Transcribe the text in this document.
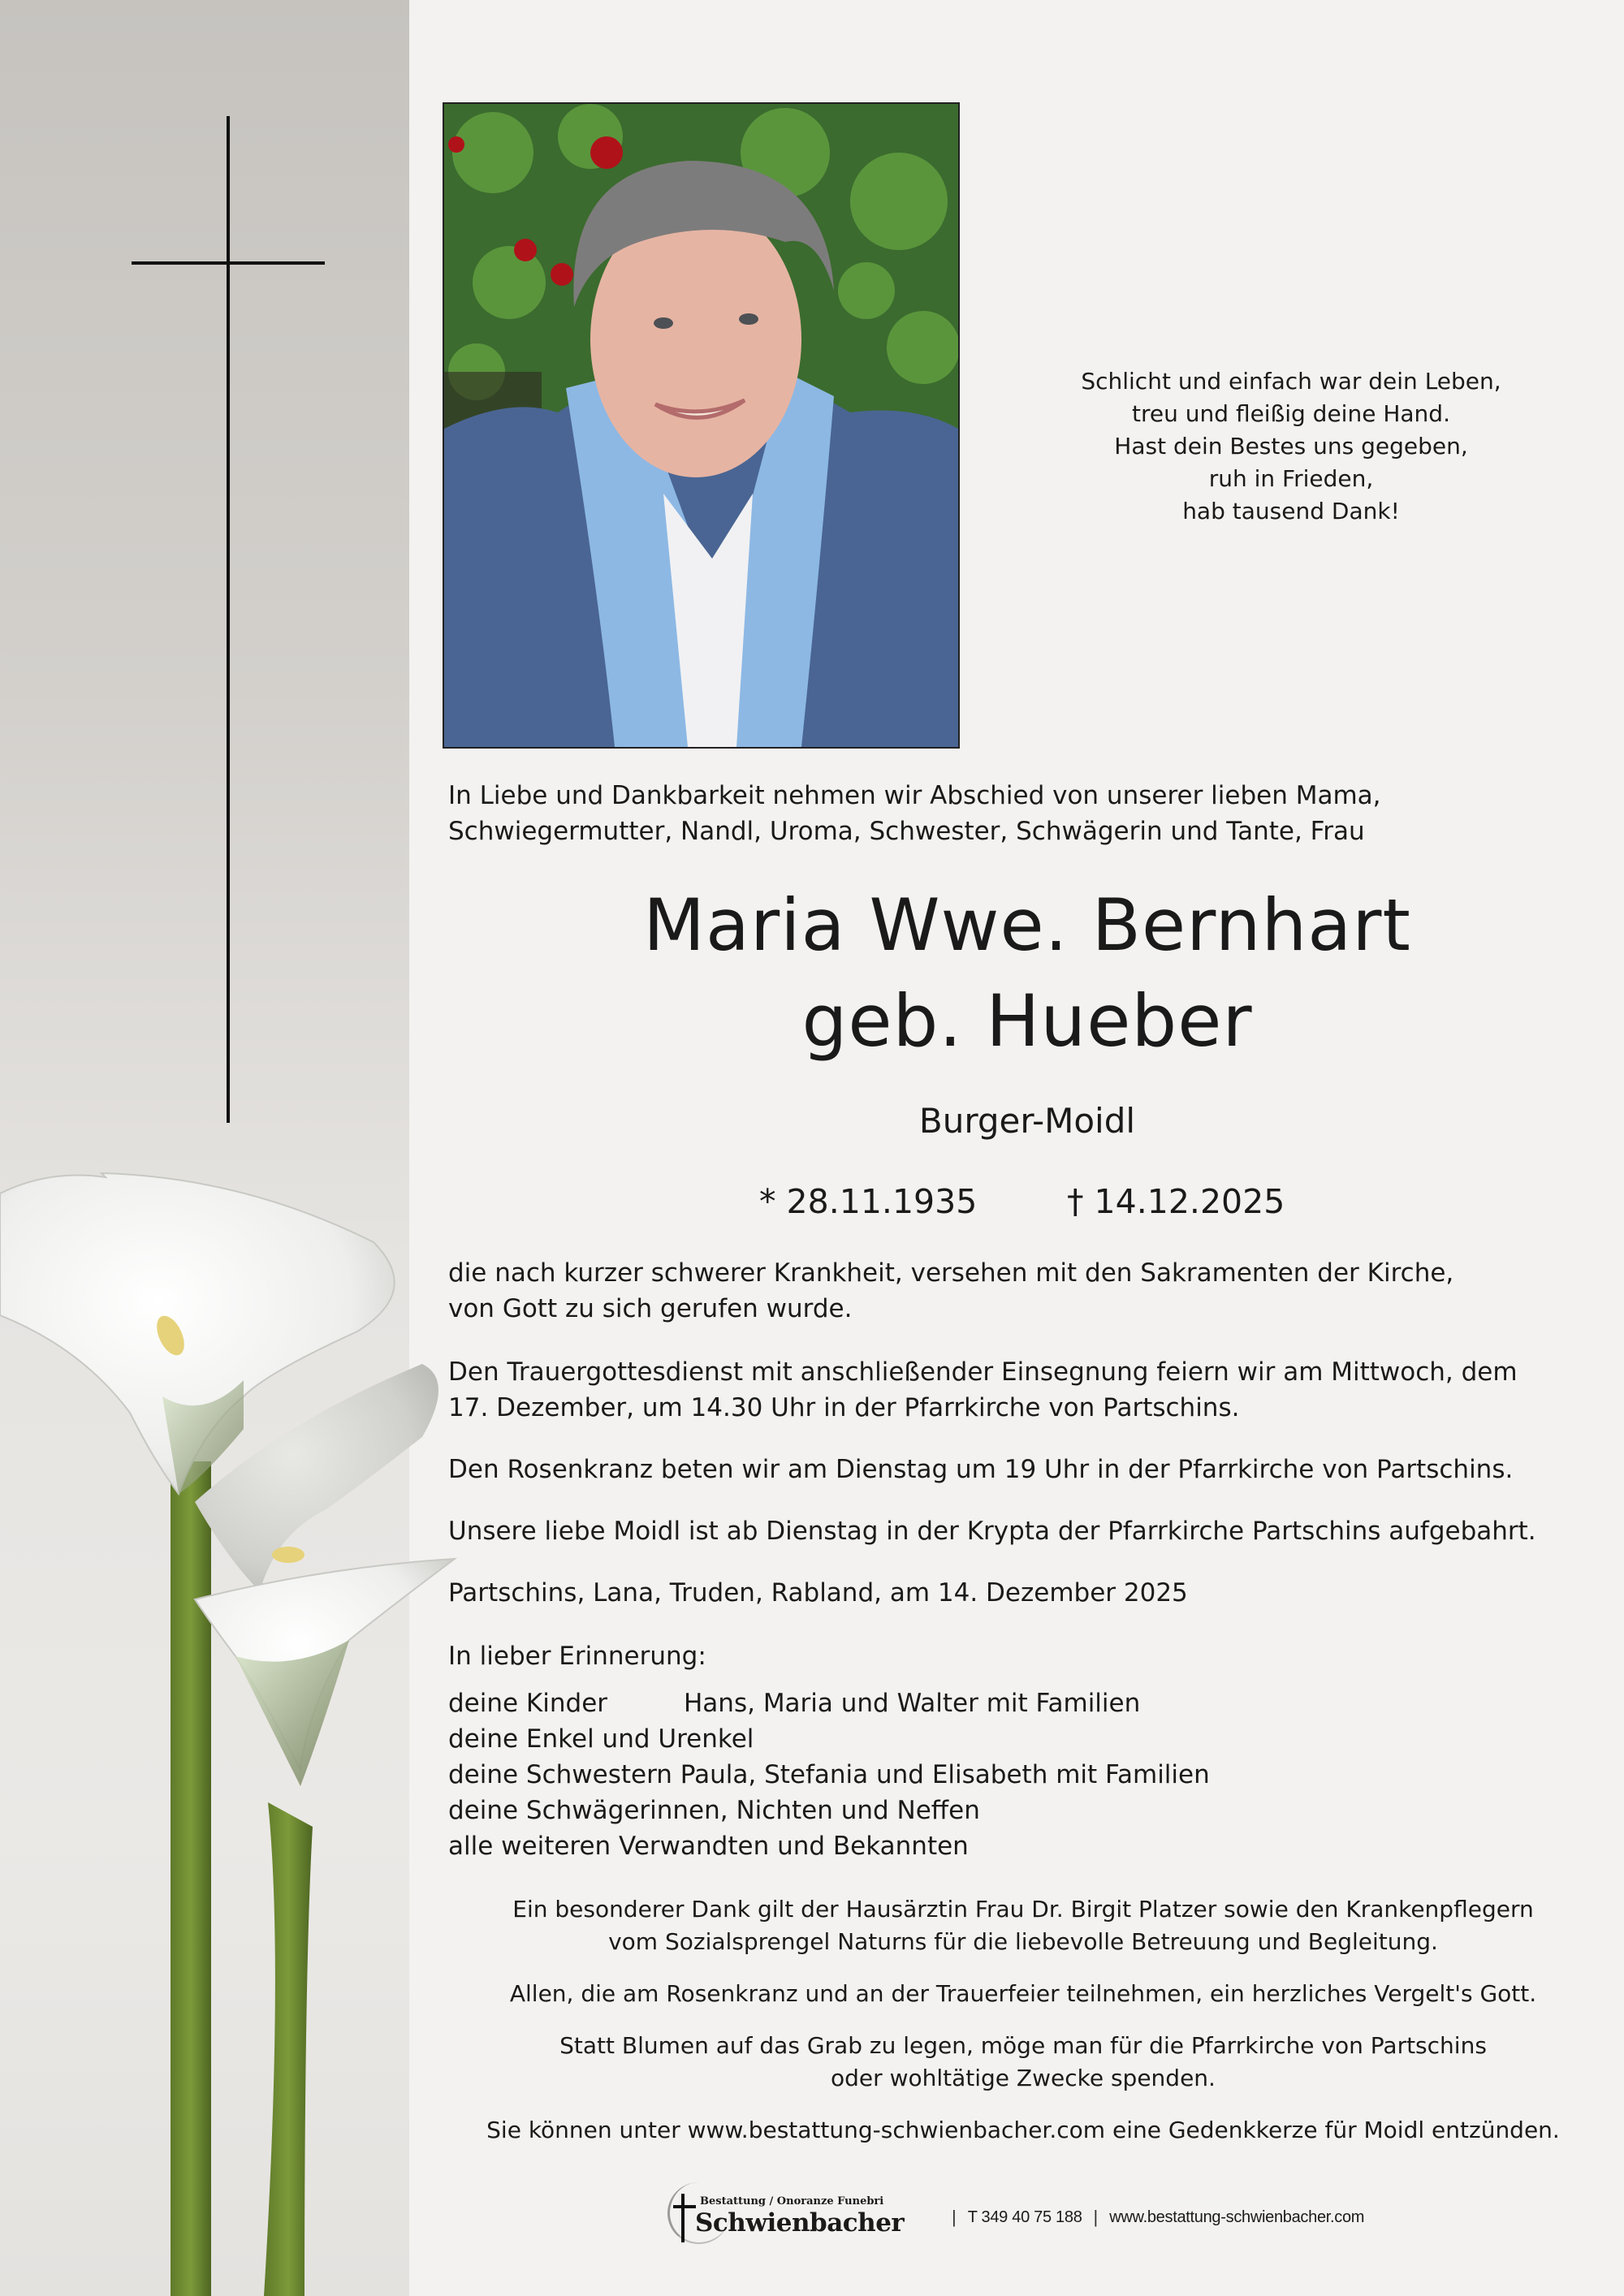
Schlicht und einfach war dein Leben,
treu und fleißig deine Hand.
Hast dein Bestes uns gegeben,
ruh in Frieden,
hab tausend Dank!
In Liebe und Dankbarkeit nehmen wir Abschied von unserer lieben Mama,
Schwiegermutter, Nandl, Uroma, Schwester, Schwägerin und Tante, Frau
Maria Wwe. Bernhart
geb. Hueber
Burger-Moidl
* 28.11.1935	† 14.12.2025
die nach kurzer schwerer Krankheit, versehen mit den Sakramenten der Kirche,
von Gott zu sich gerufen wurde.
Den Trauergottesdienst mit anschließender Einsegnung feiern wir am Mittwoch, dem
17. Dezember, um 14.30 Uhr in der Pfarrkirche von Partschins.
Den Rosenkranz beten wir am Dienstag um 19 Uhr in der Pfarrkirche von Partschins.
Unsere liebe Moidl ist ab Dienstag in der Krypta der Pfarrkirche Partschins aufgebahrt.
Partschins, Lana, Truden, Rabland, am 14. Dezember 2025
In lieber Erinnerung:
deine Kinder	Hans, Maria und Walter mit Familien
deine Enkel und Urenkel
deine Schwestern Paula, Stefania und Elisabeth mit Familien
deine Schwägerinnen, Nichten und Neffen
alle weiteren Verwandten und Bekannten
Ein besonderer Dank gilt der Hausärztin Frau Dr. Birgit Platzer sowie den Krankenpflegern
vom Sozialsprengel Naturns für die liebevolle Betreuung und Begleitung.
Allen, die am Rosenkranz und an der Trauerfeier teilnehmen, ein herzliches Vergelt's Gott.
Statt Blumen auf das Grab zu legen, möge man für die Pfarrkirche von Partschins
oder wohltätige Zwecke spenden.
Sie können unter www.bestattung-schwienbacher.com eine Gedenkkerze für Moidl entzünden.
Bestattung / Onoranze Funebri
Schwienbacher	| T 349 40 75 188 | www.bestattung-schwienbacher.com
